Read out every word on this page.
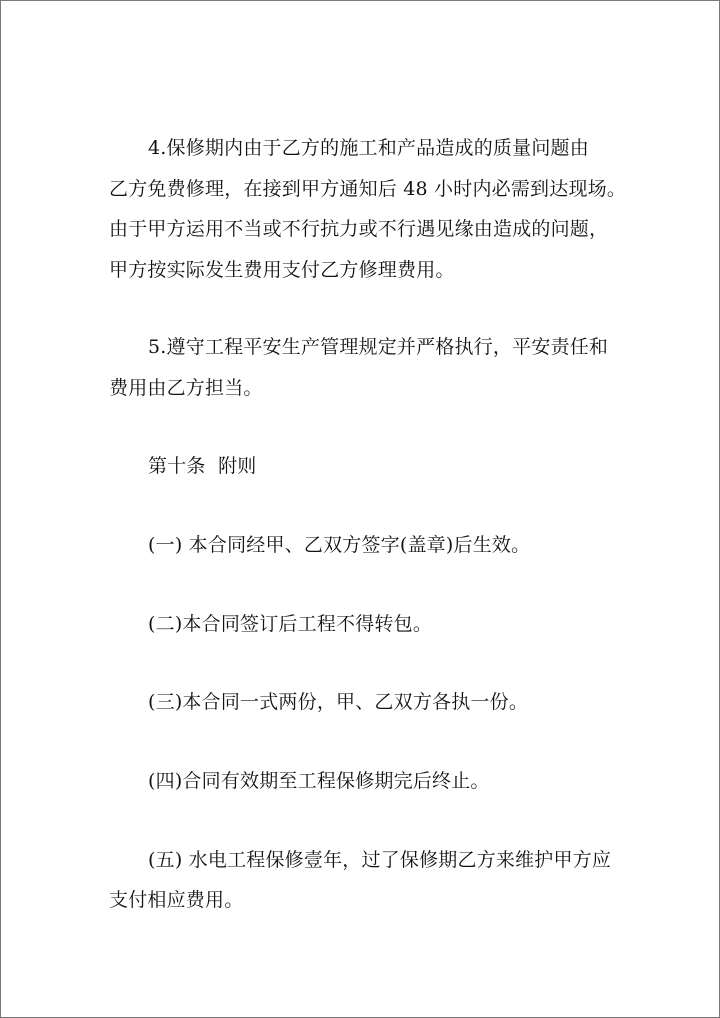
4.保修期内由于乙方的施工和产品造成的质量问题由
乙方免费修理，在接到甲方通知后 48 小时内必需到达现场。
由于甲方运用不当或不行抗力或不行遇见缘由造成的问题，
甲方按实际发生费用支付乙方修理费用。

5.遵守工程平安生产管理规定并严格执行，平安责任和
费用由乙方担当。

第十条  附则

(一) 本合同经甲、乙双方签字(盖章)后生效。

(二)本合同签订后工程不得转包。

(三)本合同一式两份，甲、乙双方各执一份。

(四)合同有效期至工程保修期完后终止。

(五) 水电工程保修壹年，过了保修期乙方来维护甲方应
支付相应费用。
